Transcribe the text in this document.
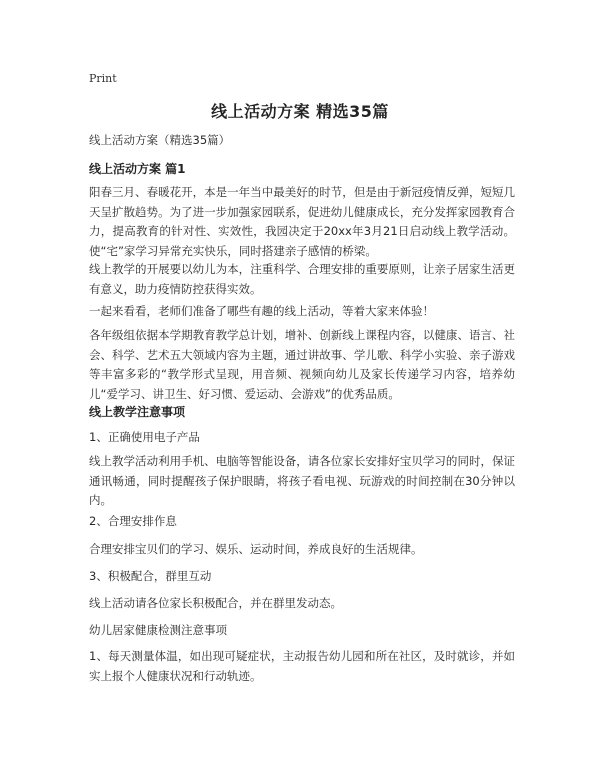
Print
线上活动方案 精选35篇
线上活动方案（精选35篇）
线上活动方案 篇1
阳春三月、春暖花开，本是一年当中最美好的时节，但是由于新冠疫情反弹，短短几天呈扩散趋势。为了进一步加强家园联系，促进幼儿健康成长，充分发挥家园教育合力，提高教育的针对性、实效性，我园决定于20xx年3月21日启动线上教学活动。使“宅”家学习异常充实快乐，同时搭建亲子感情的桥梁。
线上教学的开展要以幼儿为本，注重科学、合理安排的重要原则，让亲子居家生活更有意义，助力疫情防控获得实效。
一起来看看，老师们准备了哪些有趣的线上活动，等着大家来体验！
各年级组依据本学期教育教学总计划，增补、创新线上课程内容，以健康、语言、社会、科学、艺术五大领域内容为主题，通过讲故事、学儿歌、科学小实验、亲子游戏等丰富多彩的“教学形式呈现，用音频、视频向幼儿及家长传递学习内容，培养幼儿“爱学习、讲卫生、好习惯、爱运动、会游戏”的优秀品质。
线上教学注意事项
1、正确使用电子产品
线上教学活动利用手机、电脑等智能设备，请各位家长安排好宝贝学习的同时，保证通讯畅通，同时提醒孩子保护眼睛，将孩子看电视、玩游戏的时间控制在30分钟以内。
2、合理安排作息
合理安排宝贝们的学习、娱乐、运动时间，养成良好的生活规律。
3、积极配合，群里互动
线上活动请各位家长积极配合，并在群里发动态。
幼儿居家健康检测注意事项
1、每天测量体温，如出现可疑症状，主动报告幼儿园和所在社区，及时就诊，并如实上报个人健康状况和行动轨迹。
